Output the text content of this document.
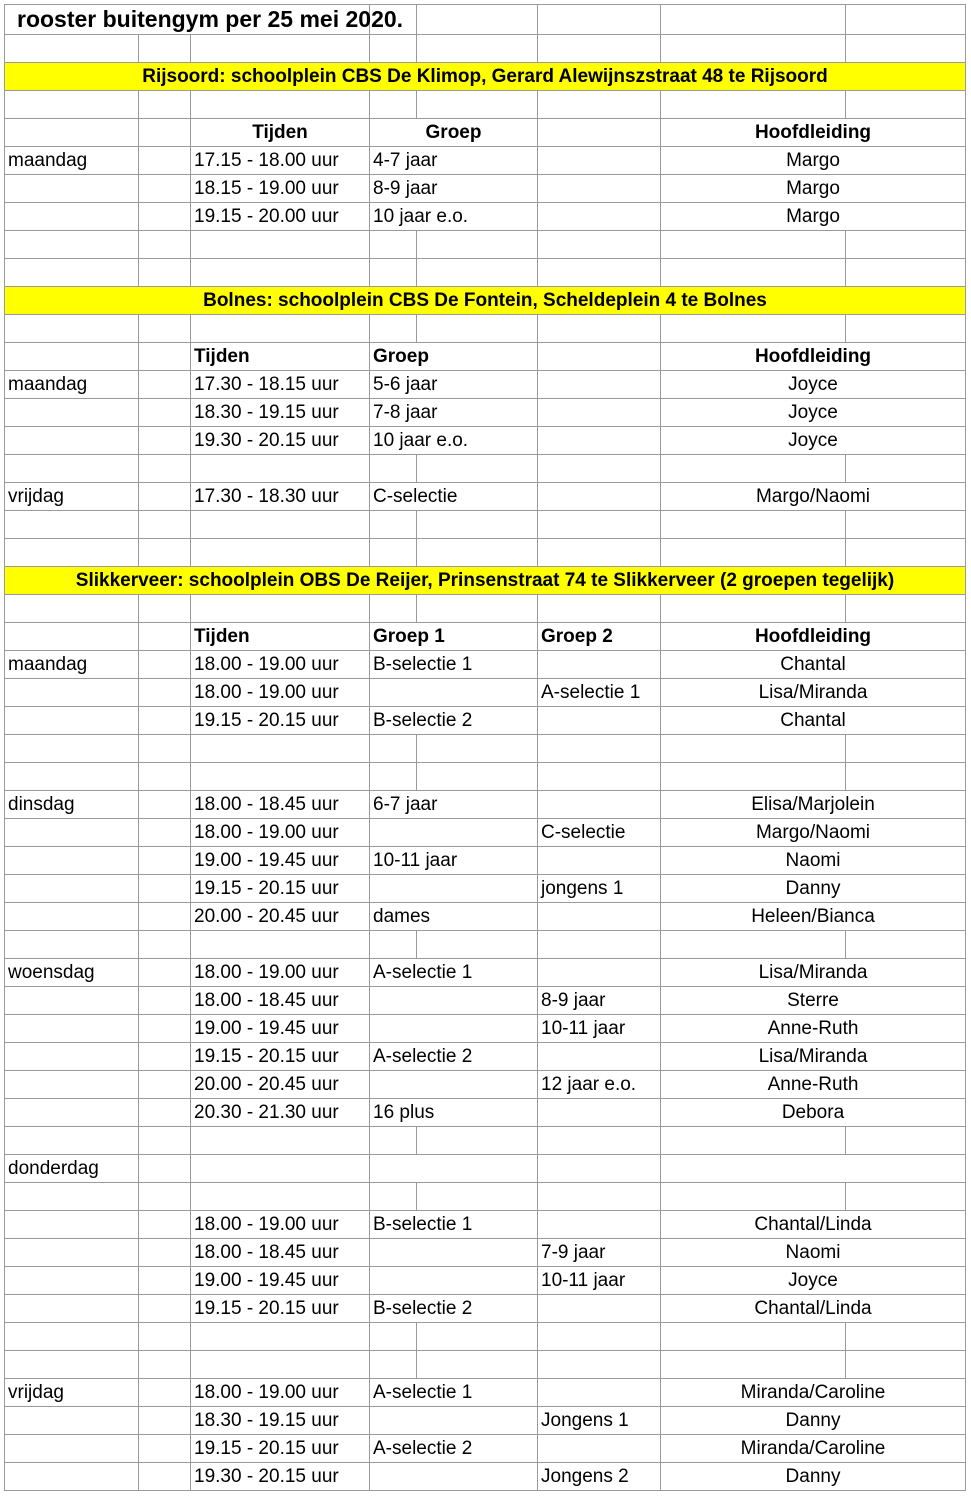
rooster buitengym per 25 mei 2020.							

Rijsoord: schoolplein CBS De Klimop, Gerard Alewijnszstraat 48 te Rijsoord							

		Tijden	Groep			Hoofdleiding	
maandag		17.15 - 18.00 uur	4-7 jaar			Margo	
		18.15 - 19.00 uur	8-9 jaar			Margo	
		19.15 - 20.00 uur	10 jaar e.o.			Margo	

Bolnes: schoolplein CBS De Fontein, Scheldeplein 4 te Bolnes							

		Tijden	Groep			Hoofdleiding	
maandag		17.30 - 18.15 uur	5-6 jaar			Joyce	
		18.30 - 19.15 uur	7-8 jaar			Joyce	
		19.30 - 20.15 uur	10 jaar e.o.			Joyce	

vrijdag		17.30 - 18.30 uur	C-selectie			Margo/Naomi	

Slikkerveer: schoolplein OBS De Reijer, Prinsenstraat 74 te Slikkerveer (2 groepen tegelijk)							

		Tijden	Groep 1		Groep 2	Hoofdleiding	
maandag		18.00 - 19.00 uur	B-selectie 1			Chantal	
		18.00 - 19.00 uur			A-selectie 1	Lisa/Miranda	
		19.15 - 20.15 uur	B-selectie 2			Chantal	

dinsdag		18.00 - 18.45 uur	6-7 jaar			Elisa/Marjolein	
		18.00 - 19.00 uur			C-selectie	Margo/Naomi	
		19.00 - 19.45 uur	10-11 jaar			Naomi	
		19.15 - 20.15 uur			jongens 1	Danny	
		20.00 - 20.45 uur	dames			Heleen/Bianca	

woensdag		18.00 - 19.00 uur	A-selectie 1			Lisa/Miranda	
		18.00 - 18.45 uur			8-9 jaar	Sterre	
		19.00 - 19.45 uur			10-11 jaar	Anne-Ruth	
		19.15 - 20.15 uur	A-selectie 2			Lisa/Miranda	
		20.00 - 20.45 uur			12 jaar e.o.	Anne-Ruth	
		20.30 - 21.30 uur	16 plus			Debora	

donderdag							

		18.00 - 19.00 uur	B-selectie 1			Chantal/Linda	
		18.00 - 18.45 uur			7-9 jaar	Naomi	
		19.00 - 19.45 uur			10-11 jaar	Joyce	
		19.15 - 20.15 uur	B-selectie 2			Chantal/Linda	

vrijdag		18.00 - 19.00 uur	A-selectie 1			Miranda/Caroline	
		18.30 - 19.15 uur			Jongens 1	Danny	
		19.15 - 20.15 uur	A-selectie 2			Miranda/Caroline	
		19.30 - 20.15 uur			Jongens 2	Danny	
